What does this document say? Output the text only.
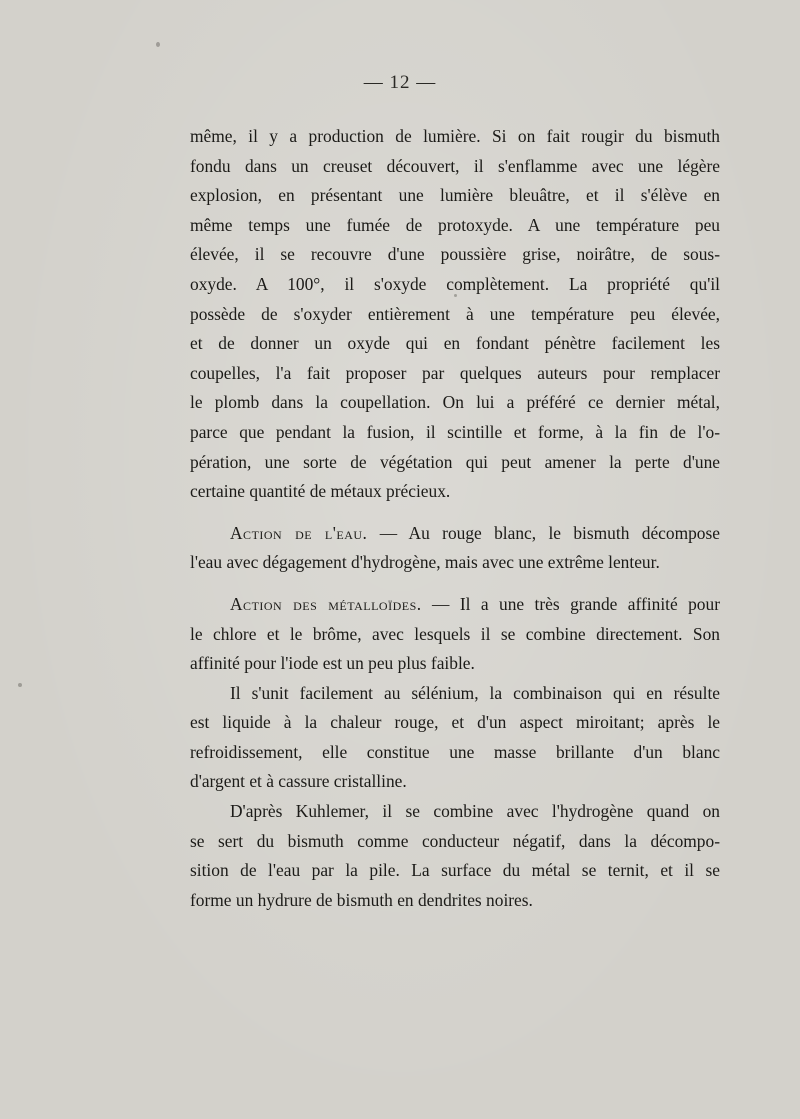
— 12 —
même, il y a production de lumière. Si on fait rougir du bismuth
fondu dans un creuset découvert, il s'enflamme avec une légère
explosion, en présentant une lumière bleuâtre, et il s'élève en
même temps une fumée de protoxyde. A une température peu
élevée, il se recouvre d'une poussière grise, noirâtre, de sous-
oxyde. A 100°, il s'oxyde complètement. La propriété qu'il
possède de s'oxyder entièrement à une température peu élevée,
et de donner un oxyde qui en fondant pénètre facilement les
coupelles, l'a fait proposer par quelques auteurs pour remplacer
le plomb dans la coupellation. On lui a préféré ce dernier métal,
parce que pendant la fusion, il scintille et forme, à la fin de l'o-
pération, une sorte de végétation qui peut amener la perte d'une
certaine quantité de métaux précieux.
Action de l'eau. — Au rouge blanc, le bismuth décompose
l'eau avec dégagement d'hydrogène, mais avec une extrême lenteur.
Action des métalloïdes. — Il a une très grande affinité pour
le chlore et le brôme, avec lesquels il se combine directement. Son
affinité pour l'iode est un peu plus faible.
Il s'unit facilement au sélénium, la combinaison qui en résulte
est liquide à la chaleur rouge, et d'un aspect miroitant; après le
refroidissement, elle constitue une masse brillante d'un blanc
d'argent et à cassure cristalline.
D'après Kuhlemer, il se combine avec l'hydrogène quand on
se sert du bismuth comme conducteur négatif, dans la décompo-
sition de l'eau par la pile. La surface du métal se ternit, et il se
forme un hydrure de bismuth en dendrites noires.
